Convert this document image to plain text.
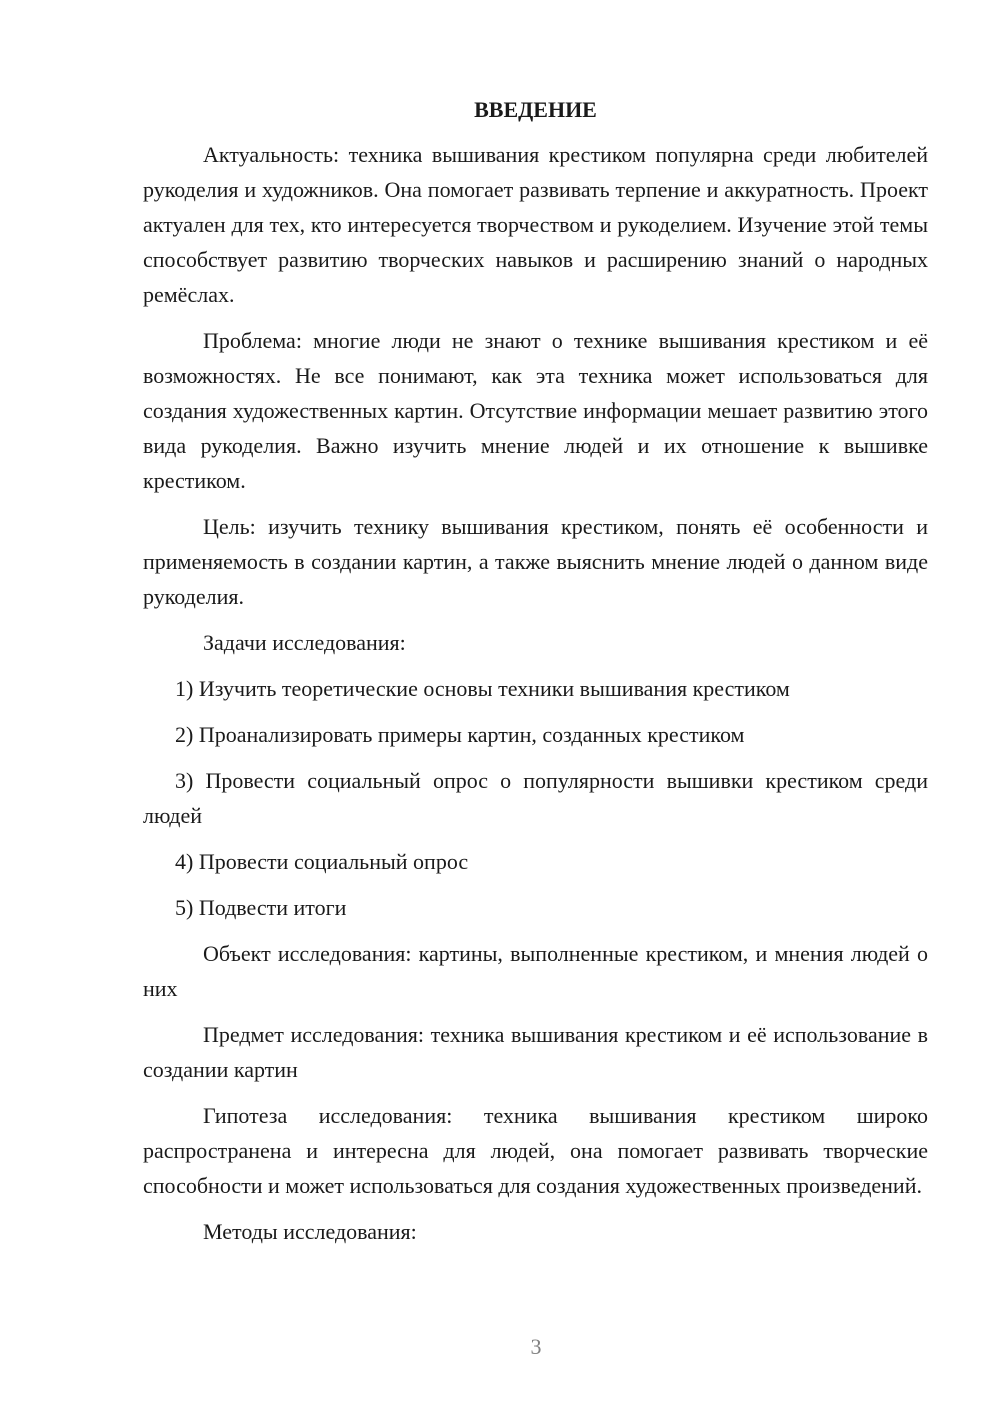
ВВЕДЕНИЕ

Актуальность: техника вышивания крестиком популярна среди любителей рукоделия и художников. Она помогает развивать терпение и аккуратность. Проект актуален для тех, кто интересуется творчеством и рукоделием. Изучение этой темы способствует развитию творческих навыков и расширению знаний о народных ремёслах.

Проблема: многие люди не знают о технике вышивания крестиком и её возможностях. Не все понимают, как эта техника может использоваться для создания художественных картин. Отсутствие информации мешает развитию этого вида рукоделия. Важно изучить мнение людей и их отношение к вышивке крестиком.

Цель: изучить технику вышивания крестиком, понять её особенности и применяемость в создании картин, а также выяснить мнение людей о данном виде рукоделия.

Задачи исследования:

1) Изучить теоретические основы техники вышивания крестиком

2) Проанализировать примеры картин, созданных крестиком

3) Провести социальный опрос о популярности вышивки крестиком среди людей

4) Провести социальный опрос

5) Подвести итоги

Объект исследования: картины, выполненные крестиком, и мнения людей о них

Предмет исследования: техника вышивания крестиком и её использование в создании картин

Гипотеза исследования: техника вышивания крестиком широко распространена и интересна для людей, она помогает развивать творческие способности и может использоваться для создания художественных произведений.

Методы исследования:

3
